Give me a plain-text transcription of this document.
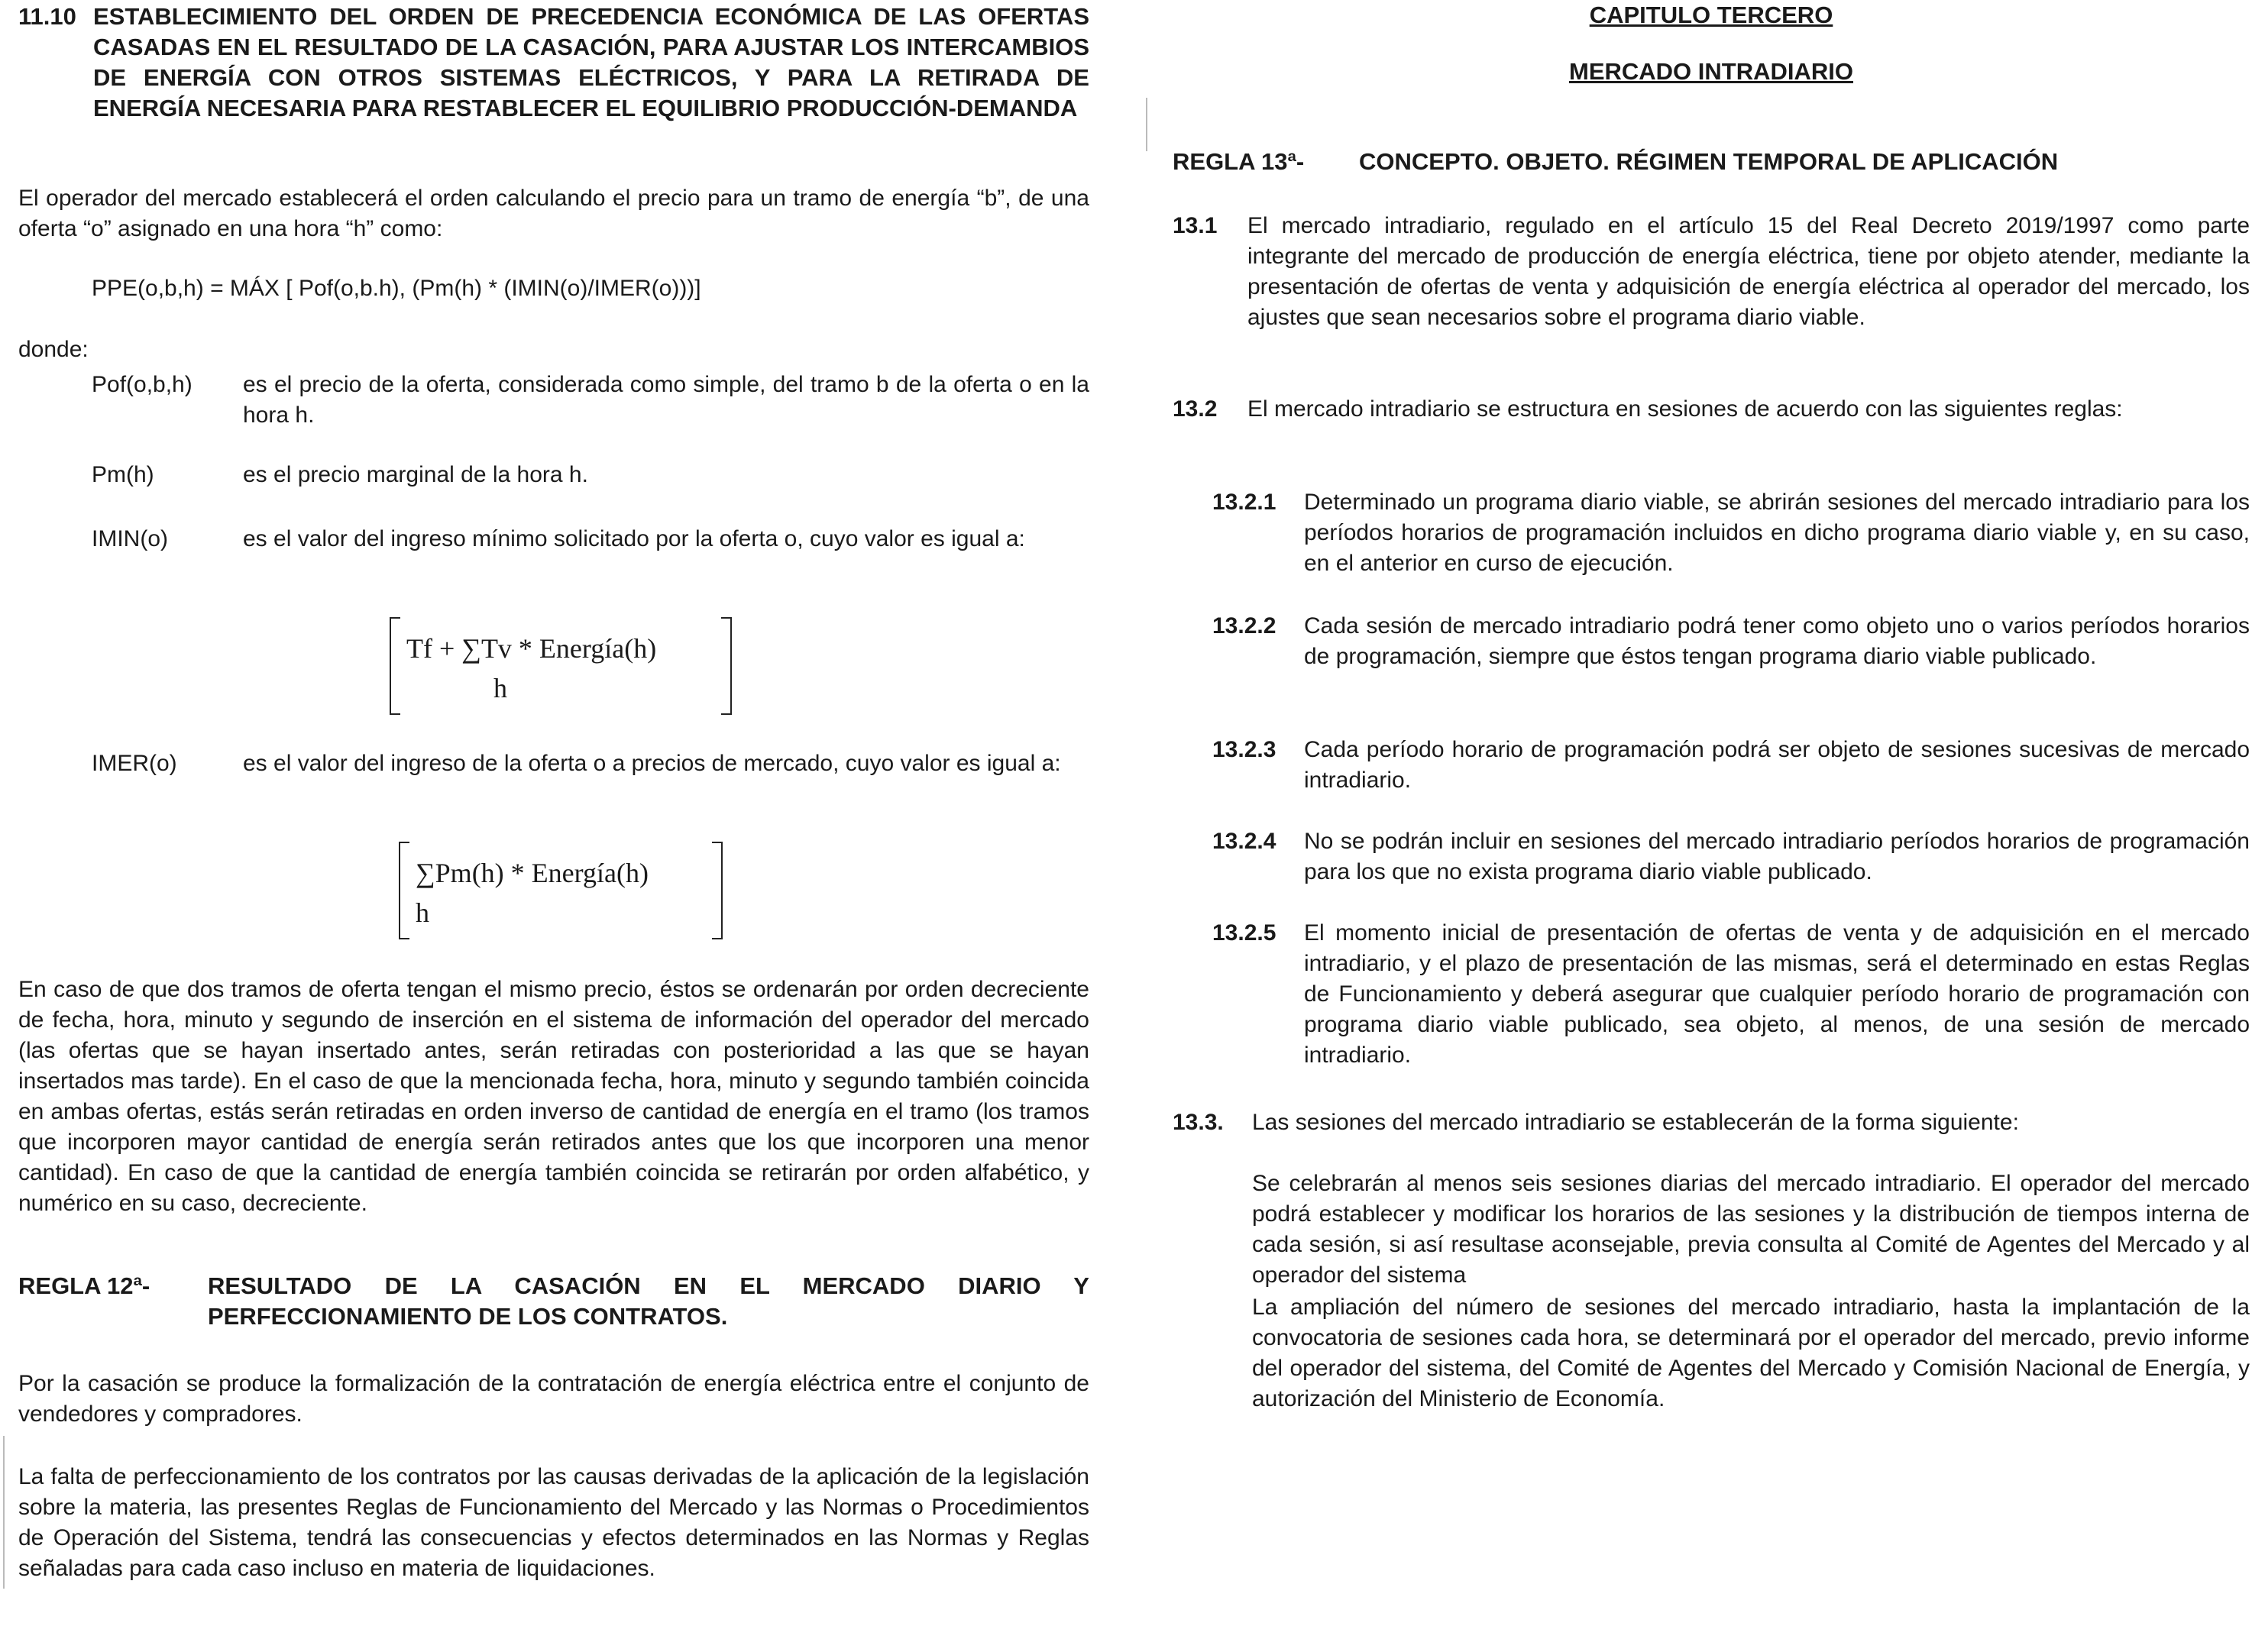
11.10 ESTABLECIMIENTO DEL ORDEN DE PRECEDENCIA ECONÓMICA DE LAS OFERTAS CASADAS EN EL RESULTADO DE LA CASACIÓN, PARA AJUSTAR LOS INTERCAMBIOS DE ENERGÍA CON OTROS SISTEMAS ELÉCTRICOS, Y PARA LA RETIRADA DE ENERGÍA NECESARIA PARA RESTABLECER EL EQUILIBRIO PRODUCCIÓN-DEMANDA

El operador del mercado establecerá el orden calculando el precio para un tramo de energía “b”, de una oferta “o” asignado en una hora “h” como:

PPE(o,b,h) = MÁX [ Pof(o,b.h), (Pm(h) * (IMIN(o)/IMER(o)))]
donde:
Pof(o,b,h) es el precio de la oferta, considerada como simple, del tramo b de la oferta o en la hora h.

Pm(h)	es el precio marginal de la hora h.

IMIN(o)	es el valor del ingreso mínimo solicitado por la oferta o, cuyo valor es igual a:

Tf + ∑Tv * Energía(h)
h
IMER(o)	es el valor del ingreso de la oferta o a precios de mercado, cuyo valor es igual a:

∑Pm(h) * Energía(h)
h

En caso de que dos tramos de oferta tengan el mismo precio, éstos se ordenarán por orden decreciente de fecha, hora, minuto y segundo de inserción en el sistema de información del operador del mercado (las ofertas que se hayan insertado antes, serán retiradas con posterioridad a las que se hayan insertados mas tarde). En el caso de que la mencionada fecha, hora, minuto y segundo también coincida en ambas ofertas, estás serán retiradas en orden inverso de cantidad de energía en el tramo (los tramos que incorporen mayor cantidad de energía serán retirados antes que los que incorporen una menor cantidad). En caso de que la cantidad de energía también coincida se retirarán por orden alfabético, y numérico en su caso, decreciente.

REGLA 12ª- RESULTADO DE LA CASACIÓN EN EL MERCADO DIARIO Y PERFECCIONAMIENTO DE LOS CONTRATOS.

Por la casación se produce la formalización de la contratación de energía eléctrica entre el conjunto de vendedores y compradores.

La falta de perfeccionamiento de los contratos por las causas derivadas de la aplicación de la legislación sobre la materia, las presentes Reglas de Funcionamiento del Mercado y las Normas o Procedimientos de Operación del Sistema, tendrá las consecuencias y efectos determinados en las Normas y Reglas señaladas para cada caso incluso en materia de liquidaciones.

CAPITULO TERCERO
MERCADO INTRADIARIO
REGLA 13ª- CONCEPTO. OBJETO. RÉGIMEN TEMPORAL DE APLICACIÓN
13.1 El mercado intradiario, regulado en el artículo 15 del Real Decreto 2019/1997 como parte integrante del mercado de producción de energía eléctrica, tiene por objeto atender, mediante la presentación de ofertas de venta y adquisición de energía eléctrica al operador del mercado, los ajustes que sean necesarios sobre el programa diario viable.

13.2 El mercado intradiario se estructura en sesiones de acuerdo con las siguientes reglas:

13.2.1 Determinado un programa diario viable, se abrirán sesiones del mercado intradiario para los períodos horarios de programación incluidos en dicho programa diario viable y, en su caso, en el anterior en curso de ejecución.

13.2.2 Cada sesión de mercado intradiario podrá tener como objeto uno o varios períodos horarios de programación, siempre que éstos tengan programa diario viable publicado.

13.2.3 Cada período horario de programación podrá ser objeto de sesiones sucesivas de mercado intradiario.

13.2.4 No se podrán incluir en sesiones del mercado intradiario períodos horarios de programación para los que no exista programa diario viable publicado.

13.2.5 El momento inicial de presentación de ofertas de venta y de adquisición en el mercado intradiario, y el plazo de presentación de las mismas, será el determinado en estas Reglas de Funcionamiento y deberá asegurar que cualquier período horario de programación con programa diario viable publicado, sea objeto, al menos, de una sesión de mercado intradiario.

13.3. Las sesiones del mercado intradiario se establecerán de la forma siguiente:

Se celebrarán al menos seis sesiones diarias del mercado intradiario. El operador del mercado podrá establecer y modificar los horarios de las sesiones y la distribución de tiempos interna de cada sesión, si así resultase aconsejable, previa consulta al Comité de Agentes del Mercado y al operador del sistema

La ampliación del número de sesiones del mercado intradiario, hasta la implantación de la convocatoria de sesiones cada hora, se determinará por el operador del mercado, previo informe del operador del sistema, del Comité de Agentes del Mercado y Comisión Nacional de Energía, y autorización del Ministerio de Economía.
